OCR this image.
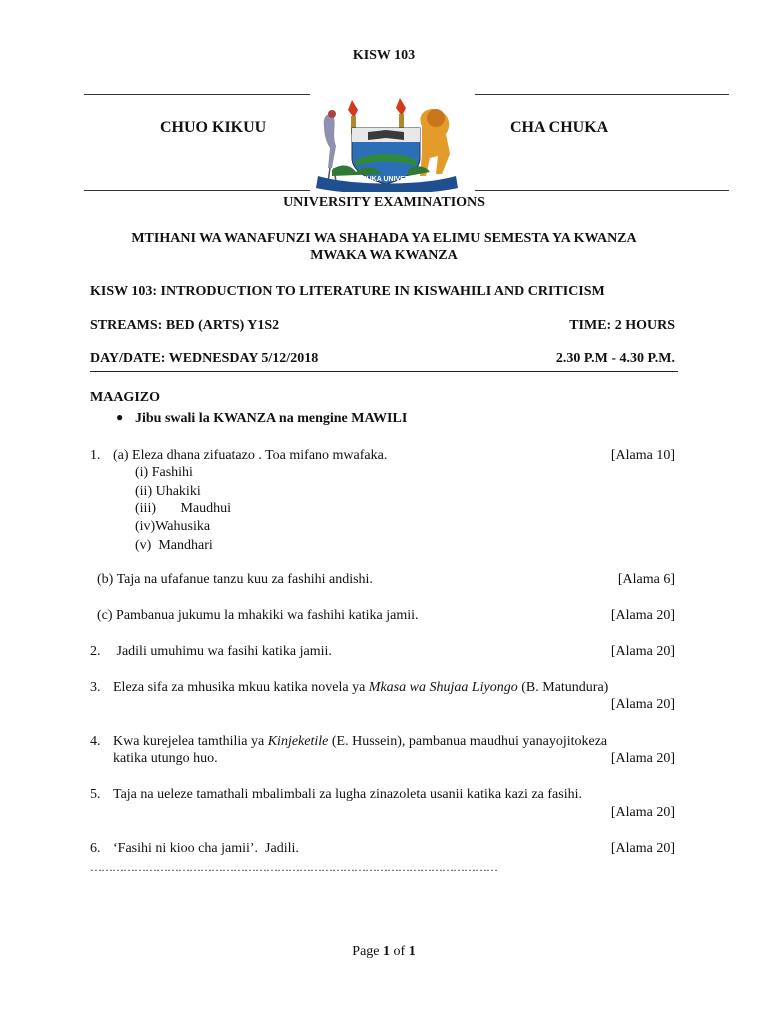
KISW 103
CHUO KIKUU	CHA CHUKA
CHUKA UNIVERSITY
UNIVERSITY EXAMINATIONS
MTIHANI WA WANAFUNZI WA SHAHADA YA ELIMU SEMESTA YA KWANZA
MWAKA WA KWANZA
KISW 103: INTRODUCTION TO LITERATURE IN KISWAHILI AND CRITICISM
STREAMS: BED (ARTS) Y1S2	TIME: 2 HOURS
DAY/DATE: WEDNESDAY 5/12/2018	2.30 P.M - 4.30 P.M.
MAAGIZO
● Jibu swali la KWANZA na mengine MAWILI
1. (a) Eleza dhana zifuatazo . Toa mifano mwafaka.	[Alama 10]
(i) Fashihi
(ii) Uhakiki
(iii)       Maudhui
(iv)Wahusika
(v)  Mandhari
(b) Taja na ufafanue tanzu kuu za fashihi andishi.	[Alama 6]
(c) Pambanua jukumu la mhakiki wa fashihi katika jamii.	[Alama 20]
2. Jadili umuhimu wa fasihi katika jamii.	[Alama 20]
3. Eleza sifa za mhusika mkuu katika novela ya Mkasa wa Shujaa Liyongo (B. Matundura)
[Alama 20]
4. Kwa kurejelea tamthilia ya Kinjeketile (E. Hussein), pambanua maudhui yanayojitokeza
katika utungo huo.	[Alama 20]
5. Taja na ueleze tamathali mbalimbali za lugha zinazoleta usanii katika kazi za fasihi.
[Alama 20]
6. ‘Fasihi ni kioo cha jamii’.  Jadili.	[Alama 20]
…………………………………………………………………………………………………
Page 1 of 1
